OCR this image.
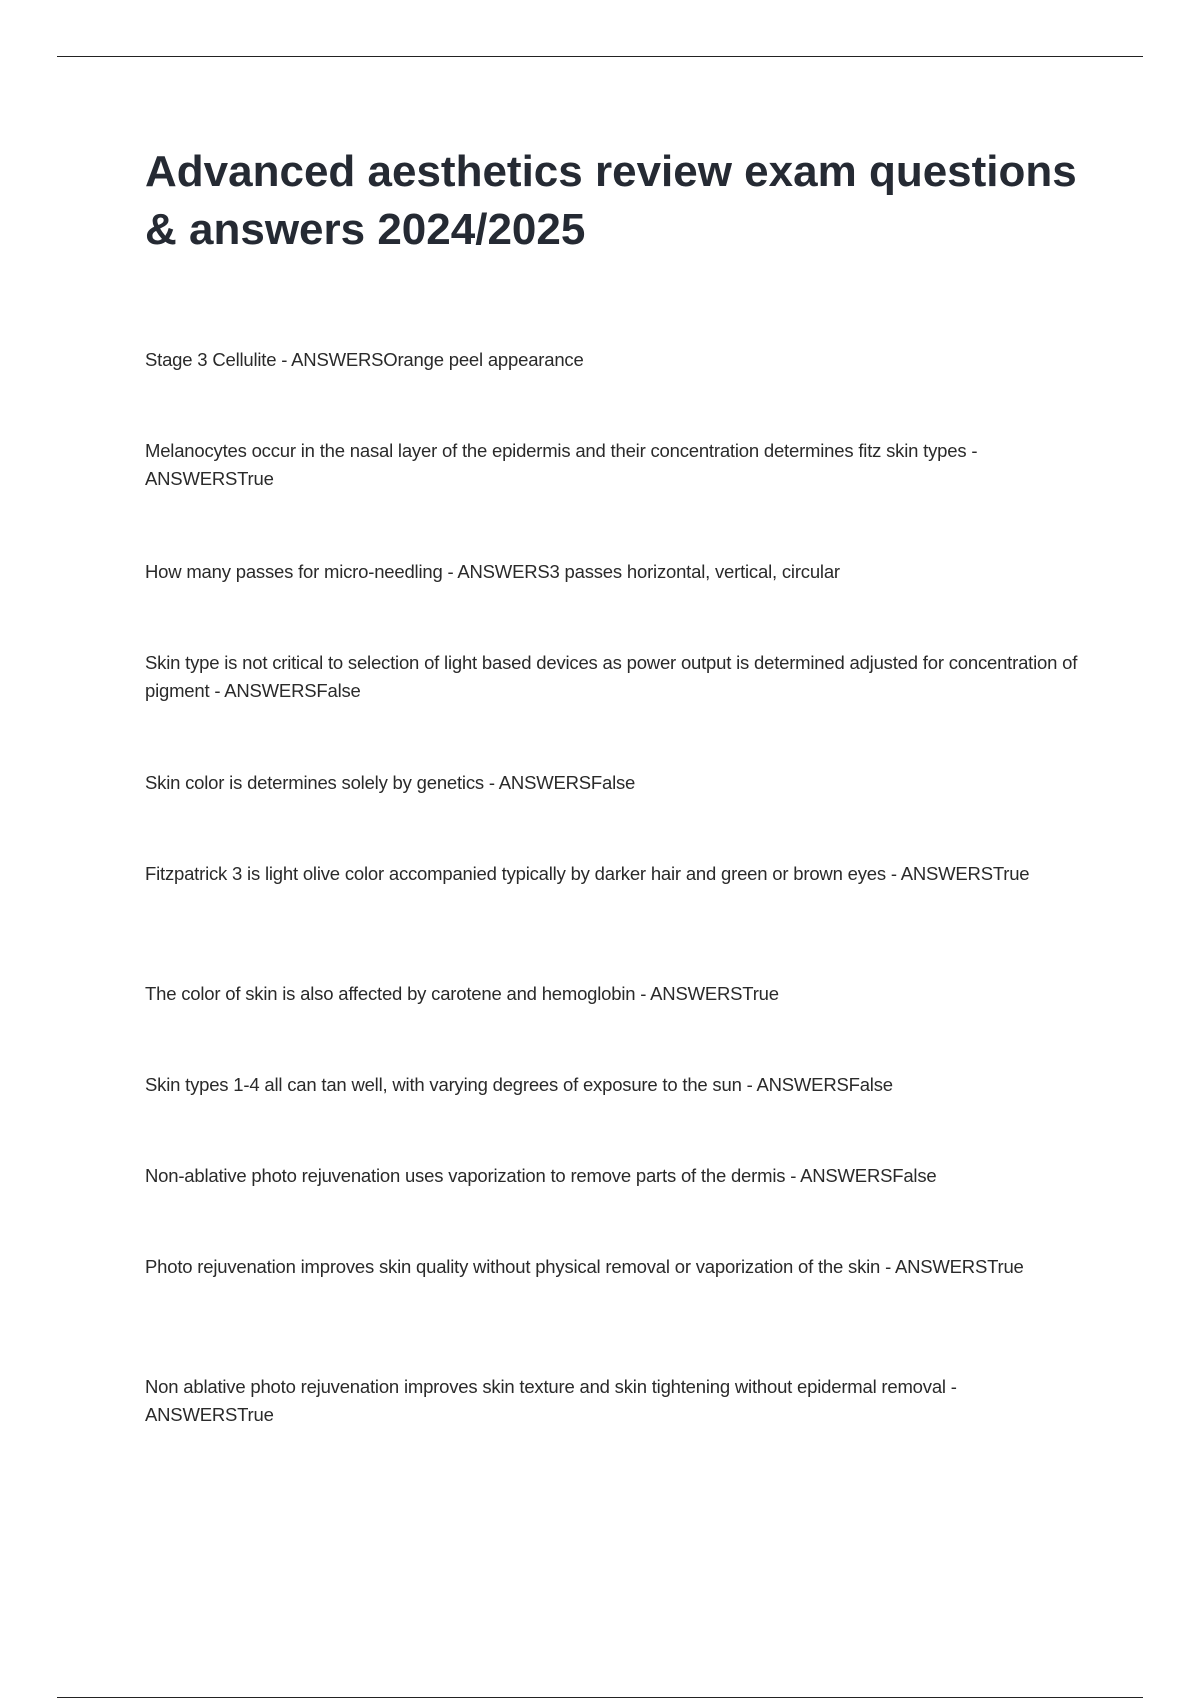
Advanced aesthetics review exam questions & answers 2024/2025
Stage 3 Cellulite - ANSWERSOrange peel appearance
Melanocytes occur in the nasal layer of the epidermis and their concentration determines fitz skin types - ANSWERSTrue
How many passes for micro-needling - ANSWERS3 passes horizontal, vertical, circular
Skin type is not critical to selection of light based devices as power output is determined adjusted for concentration of pigment - ANSWERSFalse
Skin color is determines solely by genetics - ANSWERSFalse
Fitzpatrick 3 is light olive color accompanied typically by darker hair and green or brown eyes - ANSWERSTrue
The color of skin is also affected by carotene and hemoglobin - ANSWERSTrue
Skin types 1-4 all can tan well, with varying degrees of exposure to the sun - ANSWERSFalse
Non-ablative photo rejuvenation uses vaporization to remove parts of the dermis - ANSWERSFalse
Photo rejuvenation improves skin quality without physical removal or vaporization of the skin - ANSWERSTrue
Non ablative photo rejuvenation improves skin texture and skin tightening without epidermal removal - ANSWERSTrue
